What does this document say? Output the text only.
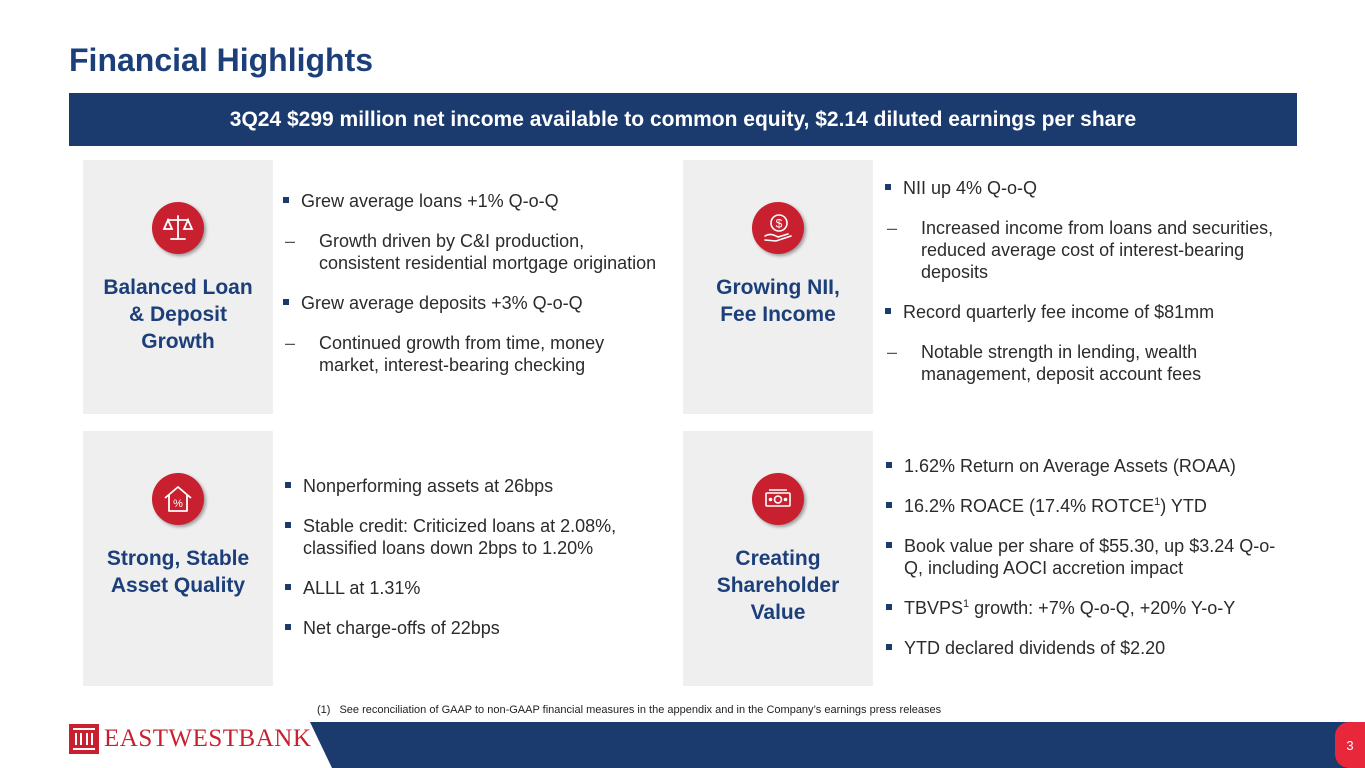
Financial Highlights
3Q24 $299 million net income available to common equity, $2.14 diluted earnings per share
Balanced Loan
& Deposit
Growth
Grew average loans +1% Q-o-Q
– Growth driven by C&I production, consistent residential mortgage origination
Grew average deposits +3% Q-o-Q
– Continued growth from time, money market, interest-bearing checking
$
Growing NII,
Fee Income
NII up 4% Q-o-Q
– Increased income from loans and securities, reduced average cost of interest-bearing deposits
Record quarterly fee income of $81mm
– Notable strength in lending, wealth management, deposit account fees
%
Strong, Stable
Asset Quality
Nonperforming assets at 26bps
Stable credit: Criticized loans at 2.08%, classified loans down 2bps to 1.20%
ALLL at 1.31%
Net charge-offs of 22bps
Creating
Shareholder
Value
1.62% Return on Average Assets (ROAA)
16.2% ROACE (17.4% ROTCE$^1$) YTD
Book value per share of $55.30, up $3.24 Q-o-Q, including AOCI accretion impact
TBVPS$^1$ growth: +7% Q-o-Q, +20% Y-o-Y
YTD declared dividends of $2.20
(1) See reconciliation of GAAP to non-GAAP financial measures in the appendix and in the Company’s earnings press releases
EASTWESTBANK	3
